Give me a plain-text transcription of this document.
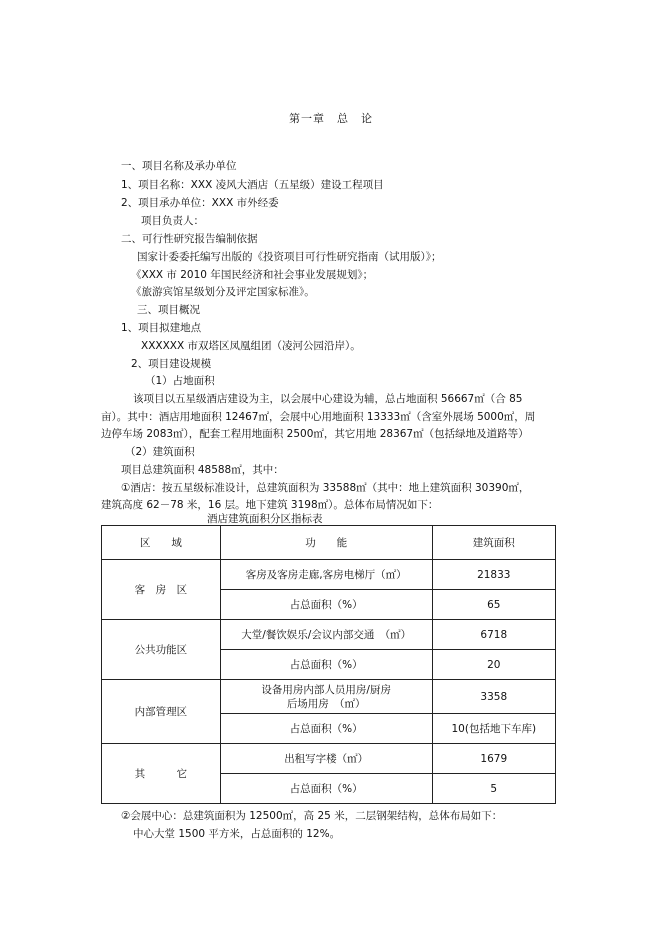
第一章　总　论
一、项目名称及承办单位
1、项目名称：XXX 凌风大酒店（五星级）建设工程项目
2、项目承办单位：XXX 市外经委
项目负责人：
二、可行性研究报告编制依据
国家计委委托编写出版的《投资项目可行性研究指南（试用版）》；
《XXX 市 2010 年国民经济和社会事业发展规划》；
《旅游宾馆星级划分及评定国家标准》。
三、项目概况
1、项目拟建地点
XXXXXX 市双塔区凤凰组团（凌河公园沿岸）。
2、项目建设规模
（1）占地面积
该项目以五星级酒店建设为主，以会展中心建设为辅，总占地面积 56667㎡（合 85
亩）。其中：酒店用地面积 12467㎡，会展中心用地面积 13333㎡（含室外展场 5000㎡，周
边停车场 2083㎡），配套工程用地面积 2500㎡，其它用地 28367㎡（包括绿地及道路等）
（2）建筑面积
项目总建筑面积 48588㎡，其中：
①酒店：按五星级标准设计，总建筑面积为 33588㎡（其中：地上建筑面积 30390㎡，
建筑高度 62－78 米，16 层。地下建筑 3198㎡）。总体布局情况如下：
酒店建筑面积分区指标表
区　　域	功　　能	建筑面积
客　房　区	客房及客房走廊,客房电梯厅（㎡）	21833
	占总面积（%）	65
公共功能区	大堂/餐饮娱乐/会议内部交通　（㎡）	6718
	占总面积（%）	20
内部管理区	设备用房内部人员用房/厨房
后场用房　（㎡）	3358
	占总面积（%）	10(包括地下车库)
其　　　它	出租写字楼（㎡）	1679
	占总面积（%）	5
②会展中心：总建筑面积为 12500㎡，高 25 米，二层钢架结构，总体布局如下：
中心大堂 1500 平方米，占总面积的 12%。
